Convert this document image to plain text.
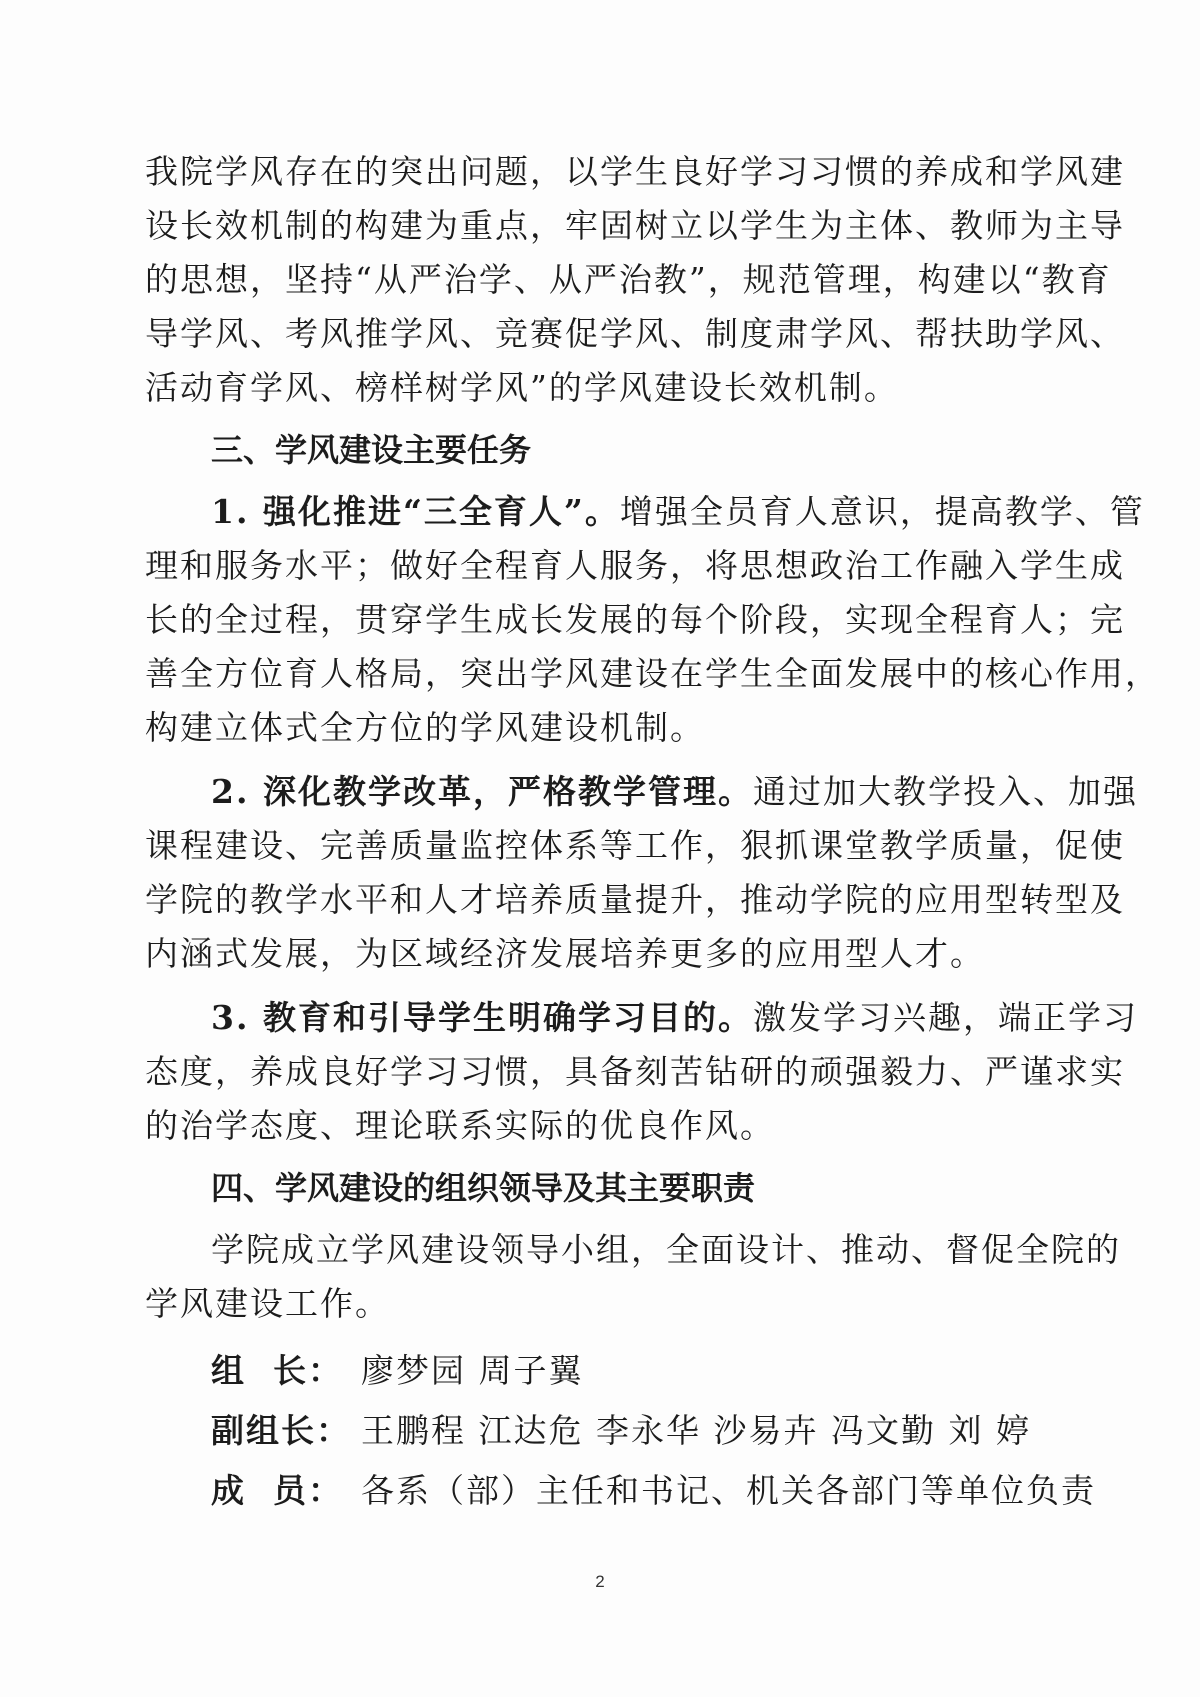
我院学风存在的突出问题，以学生良好学习习惯的养成和学风建
设长效机制的构建为重点，牢固树立以学生为主体、教师为主导
的思想，坚持“从严治学、从严治教”，规范管理，构建以“教育
导学风、考风推学风、竞赛促学风、制度肃学风、帮扶助学风、
活动育学风、榜样树学风”的学风建设长效机制。
三、学风建设主要任务
1. 强化推进“三全育人”。增强全员育人意识，提高教学、管
理和服务水平；做好全程育人服务，将思想政治工作融入学生成
长的全过程，贯穿学生成长发展的每个阶段，实现全程育人；完
善全方位育人格局，突出学风建设在学生全面发展中的核心作用，
构建立体式全方位的学风建设机制。
2. 深化教学改革，严格教学管理。通过加大教学投入、加强
课程建设、完善质量监控体系等工作，狠抓课堂教学质量，促使
学院的教学水平和人才培养质量提升，推动学院的应用型转型及
内涵式发展，为区域经济发展培养更多的应用型人才。
3. 教育和引导学生明确学习目的。激发学习兴趣，端正学习
态度，养成良好学习习惯，具备刻苦钻研的顽强毅力、严谨求实
的治学态度、理论联系实际的优良作风。
四、学风建设的组织领导及其主要职责
学院成立学风建设领导小组，全面设计、推动、督促全院的
学风建设工作。
组  长： 廖梦园 周子翼
副组长： 王鹏程 江达危 李永华 沙易卉 冯文勤 刘 婷
成  员： 各系（部）主任和书记、机关各部门等单位负责
2
